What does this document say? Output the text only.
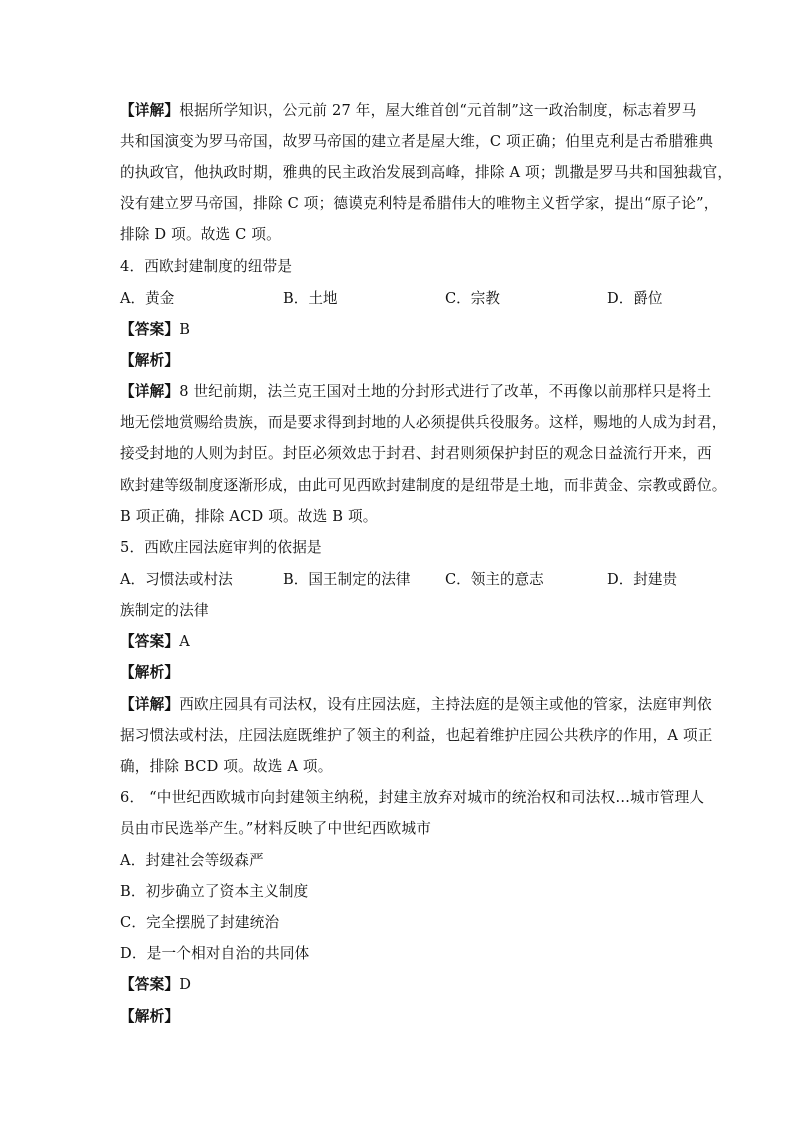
【详解】根据所学知识，公元前 27 年，屋大维首创“元首制”这一政治制度，标志着罗马
共和国演变为罗马帝国，故罗马帝国的建立者是屋大维，C 项正确；伯里克利是古希腊雅典
的执政官，他执政时期，雅典的民主政治发展到高峰，排除 A 项；凯撒是罗马共和国独裁官，
没有建立罗马帝国，排除 C 项；德谟克利特是希腊伟大的唯物主义哲学家，提出“原子论”，
排除 D 项。故选 C 项。
4．西欧封建制度的纽带是
A．黄金	B．土地	C．宗教	D．爵位
【答案】B
【解析】
【详解】8 世纪前期，法兰克王国对土地的分封形式进行了改革，不再像以前那样只是将土
地无偿地赏赐给贵族，而是要求得到封地的人必须提供兵役服务。这样，赐地的人成为封君，
接受封地的人则为封臣。封臣必须效忠于封君、封君则须保护封臣的观念日益流行开来，西
欧封建等级制度逐渐形成，由此可见西欧封建制度的是纽带是土地，而非黄金、宗教或爵位。
B 项正确，排除 ACD 项。故选 B 项。
5．西欧庄园法庭审判的依据是
A．习惯法或村法	B．国王制定的法律 C．领主的意志	D．封建贵
族制定的法律
【答案】A
【解析】
【详解】西欧庄园具有司法权，设有庄园法庭，主持法庭的是领主或他的管家，法庭审判依
据习惯法或村法，庄园法庭既维护了领主的利益，也起着维护庄园公共秩序的作用，A 项正
确，排除 BCD 项。故选 A 项。
6． “中世纪西欧城市向封建领主纳税，封建主放弃对城市的统治权和司法权…城市管理人
员由市民选举产生。”材料反映了中世纪西欧城市
A．封建社会等级森严
B．初步确立了资本主义制度
C．完全摆脱了封建统治
D．是一个相对自治的共同体
【答案】D
【解析】
